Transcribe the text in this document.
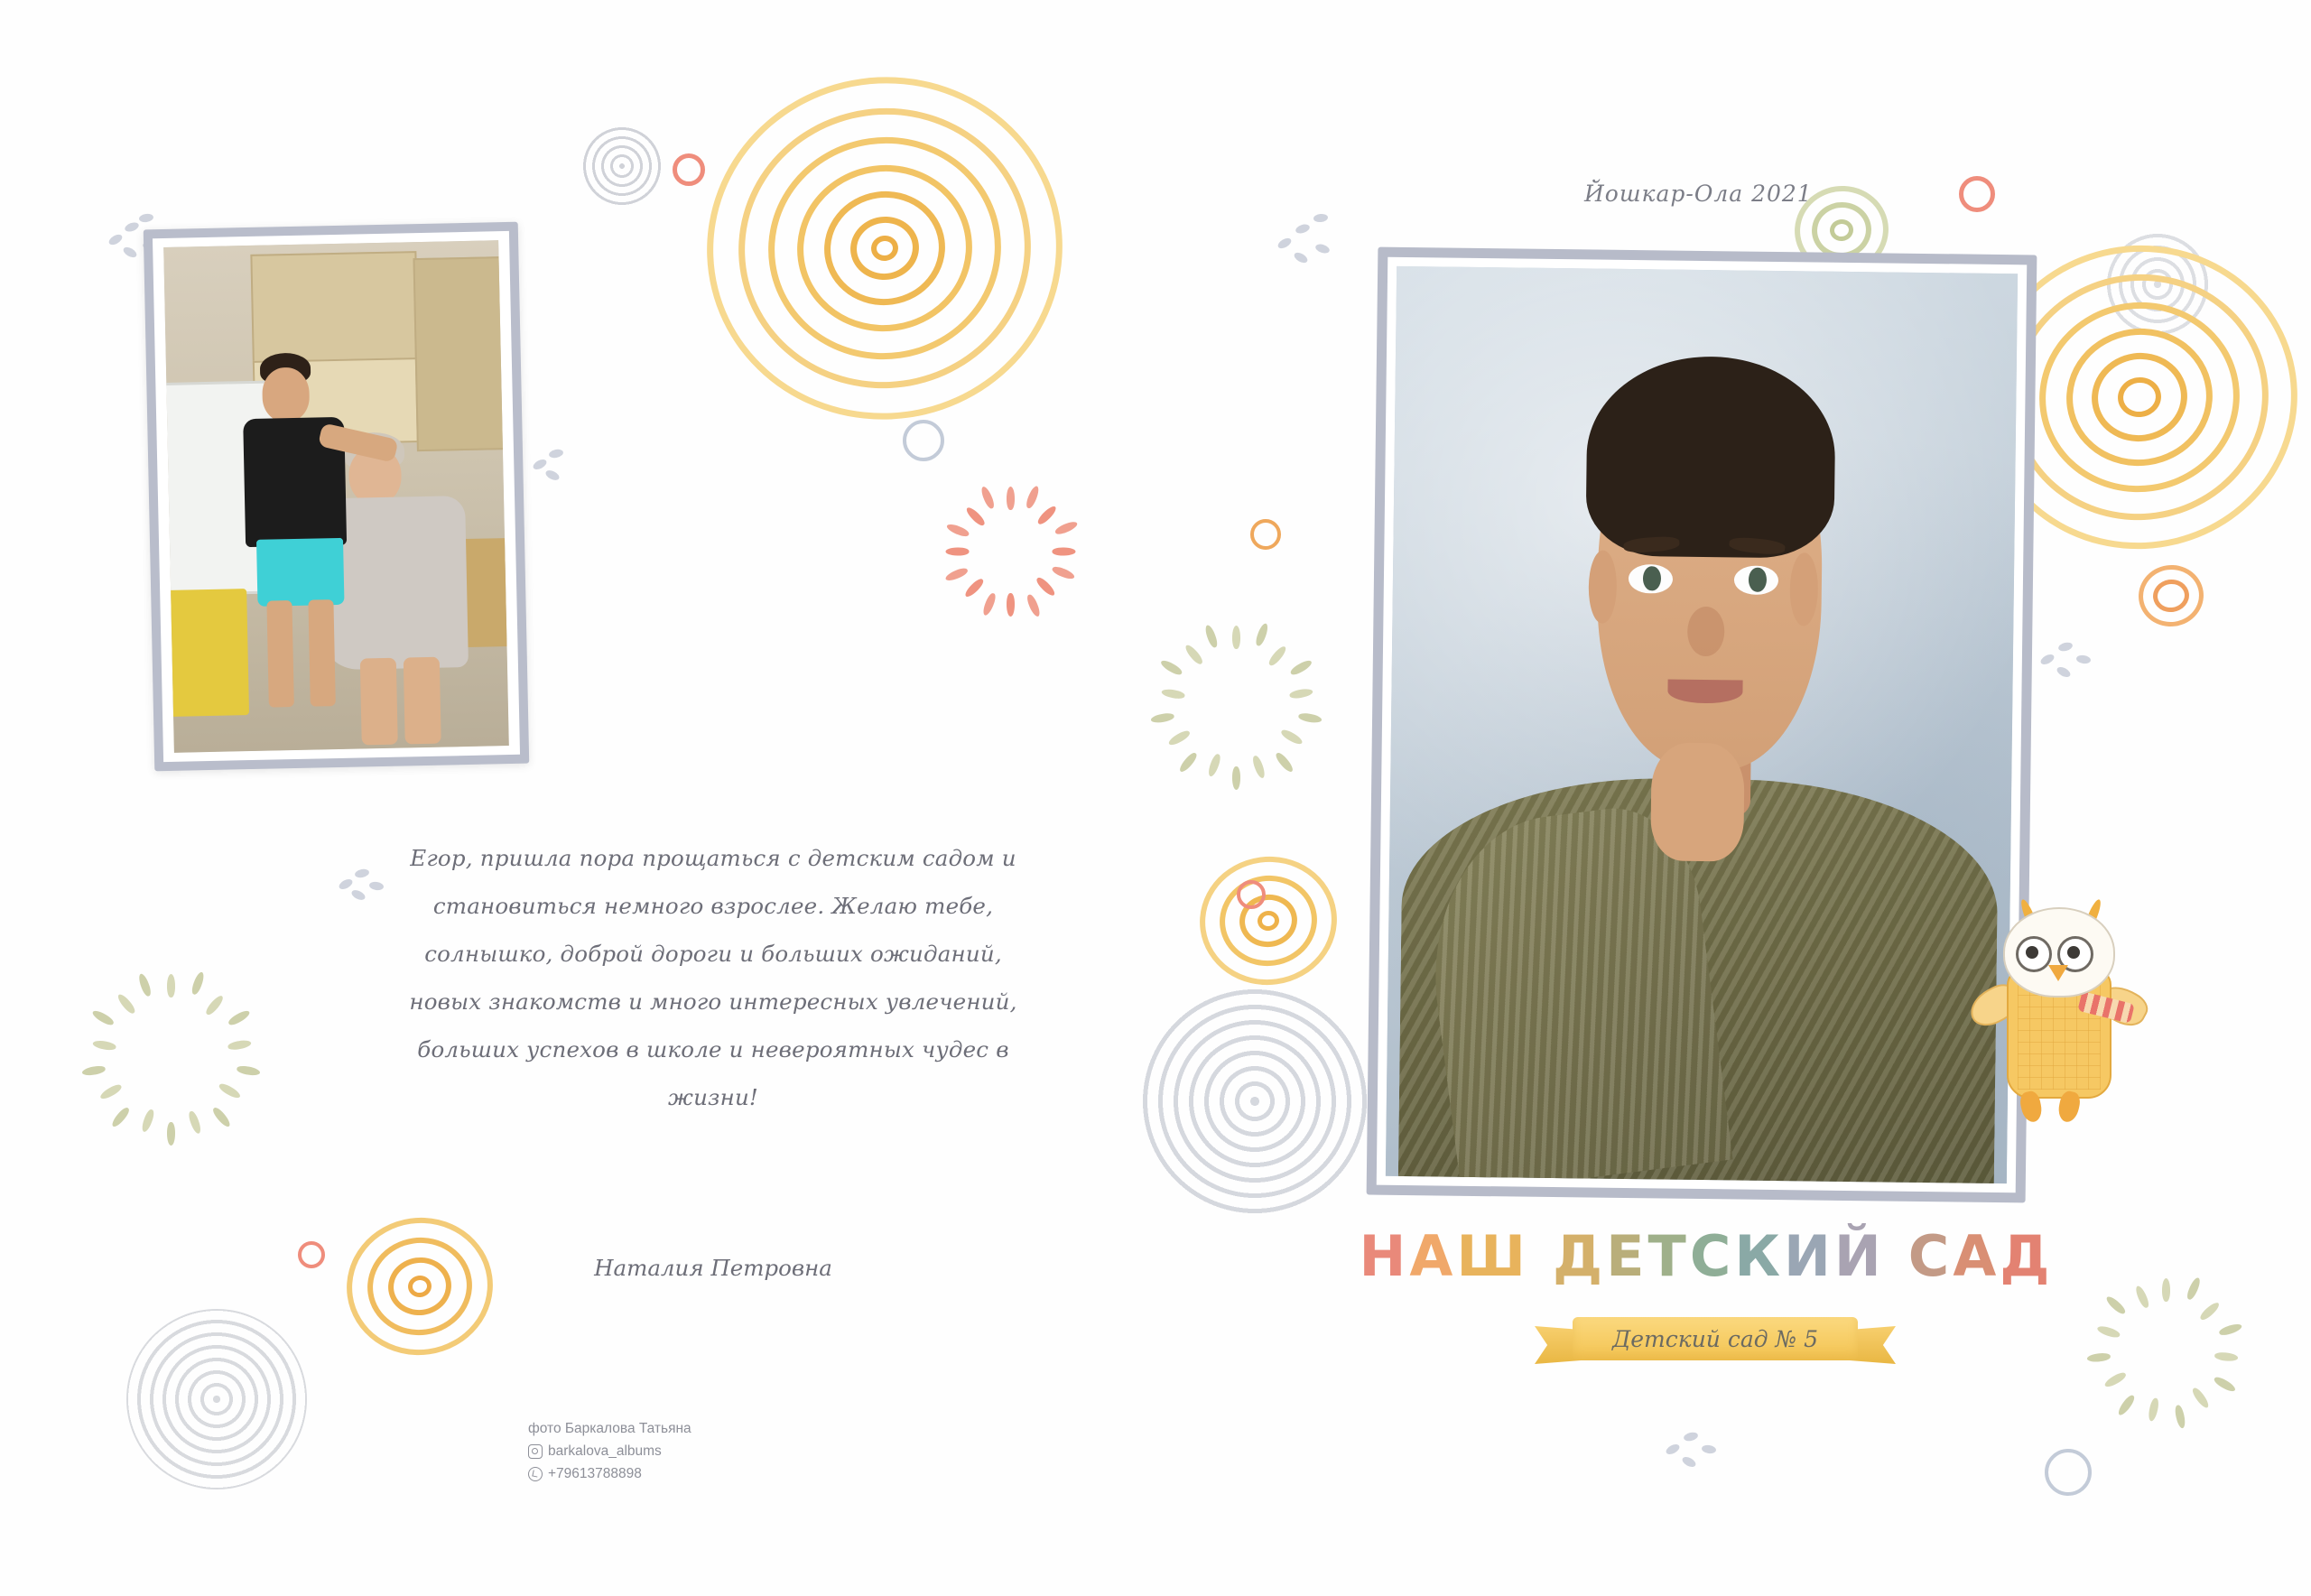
Егор, пришла пора прощаться с детским садом и
становиться немного взрослее. Желаю тебе,
солнышко, доброй дороги и больших ожиданий,
новых знакомств и много интересных увлечений,
больших успехов в школе и невероятных чудес в
жизни!
Наталия Петровна
фото Баркалова Татьяна
barkalova_albums
+79613788898
Йошкар-Ола 2021
НАШ ДЕТСКИЙ САД
Детский сад № 5
